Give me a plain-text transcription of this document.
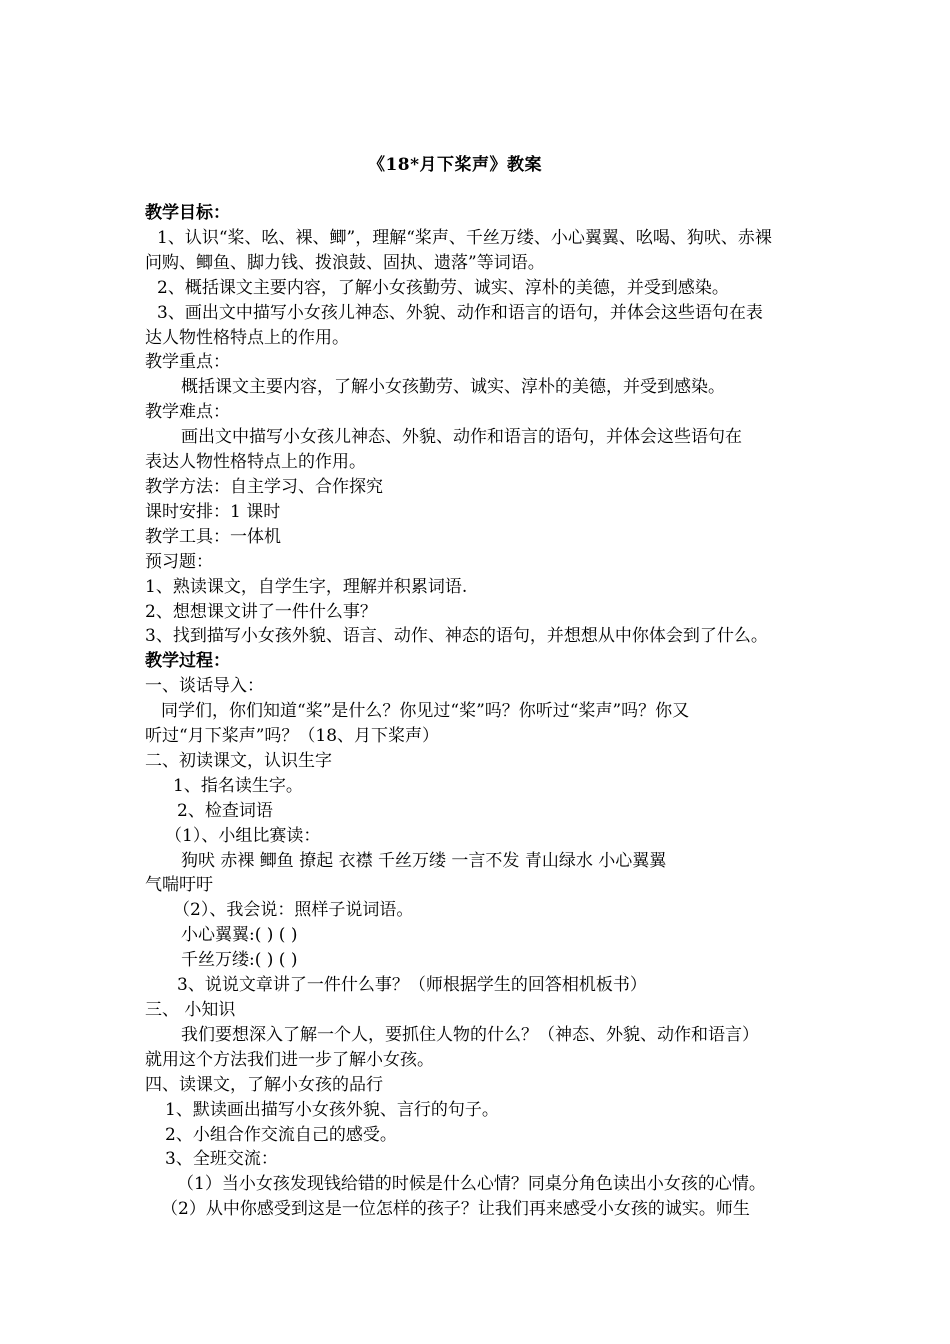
《18*月下桨声》教案
教学目标：
1、认识“桨、吆、裸、鲫”，理解“桨声、千丝万缕、小心翼翼、吆喝、狗吠、赤裸
问购、鲫鱼、脚力钱、拨浪鼓、固执、遗落”等词语。
2、概括课文主要内容，了解小女孩勤劳、诚实、淳朴的美德，并受到感染。
3、画出文中描写小女孩儿神态、外貌、动作和语言的语句，并体会这些语句在表
达人物性格特点上的作用。
教学重点：
概括课文主要内容，了解小女孩勤劳、诚实、淳朴的美德，并受到感染。
教学难点：
画出文中描写小女孩儿神态、外貌、动作和语言的语句，并体会这些语句在
表达人物性格特点上的作用。
教学方法：自主学习、合作探究
课时安排：1 课时
教学工具：一体机
预习题：
1、熟读课文，自学生字，理解并积累词语.
2、想想课文讲了一件什么事？
3、找到描写小女孩外貌、语言、动作、神态的语句，并想想从中你体会到了什么。
教学过程：
一、谈话导入：
同学们，你们知道“桨”是什么？你见过“桨”吗？你听过“桨声”吗？你又
听过“月下桨声”吗？（18、月下桨声）
二、初读课文，认识生字
1、指名读生字。
2、检查词语
（1）、小组比赛读：
狗吠 赤裸 鲫鱼 撩起 衣襟 千丝万缕 一言不发 青山绿水 小心翼翼
气喘吁吁
（2）、我会说：照样子说词语。
小心翼翼:( ) ( )
千丝万缕:( ) ( )
3、说说文章讲了一件什么事？（师根据学生的回答相机板书）
三、 小知识
我们要想深入了解一个人，要抓住人物的什么？（神态、外貌、动作和语言）
就用这个方法我们进一步了解小女孩。
四、读课文，了解小女孩的品行
1、默读画出描写小女孩外貌、言行的句子。
2、小组合作交流自己的感受。
3、全班交流：
（1）当小女孩发现钱给错的时候是什么心情？同桌分角色读出小女孩的心情。
（2）从中你感受到这是一位怎样的孩子？让我们再来感受小女孩的诚实。师生
